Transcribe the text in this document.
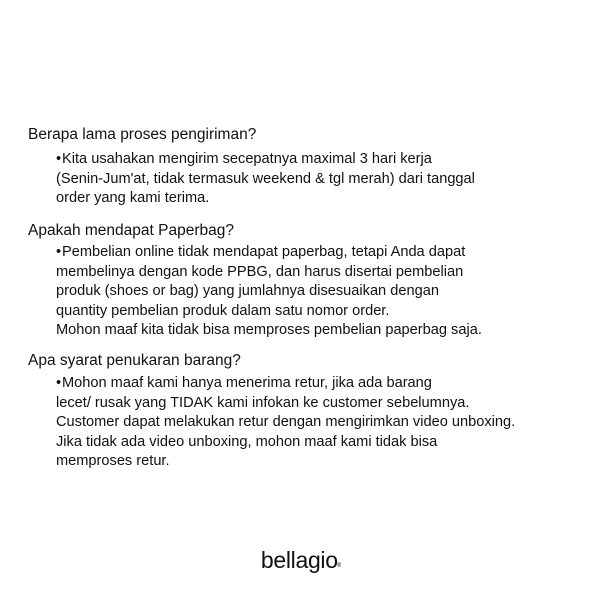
Berapa lama proses pengiriman?
•Kita usahakan mengirim secepatnya maximal 3 hari kerja
(Senin-Jum'at, tidak termasuk weekend & tgl merah) dari tanggal
order yang kami terima.
Apakah mendapat Paperbag?
•Pembelian online tidak mendapat paperbag, tetapi Anda dapat
membelinya dengan kode PPBG, dan harus disertai pembelian
produk (shoes or bag) yang jumlahnya disesuaikan dengan
quantity pembelian produk dalam satu nomor order.
Mohon maaf kita tidak bisa memproses pembelian paperbag saja.
Apa syarat penukaran barang?
•Mohon maaf kami hanya menerima retur, jika ada barang
lecet/ rusak yang TIDAK kami infokan ke customer sebelumnya.
Customer dapat melakukan retur dengan mengirimkan video unboxing.
Jika tidak ada video unboxing, mohon maaf kami tidak bisa
memproses retur.
bellagio®
